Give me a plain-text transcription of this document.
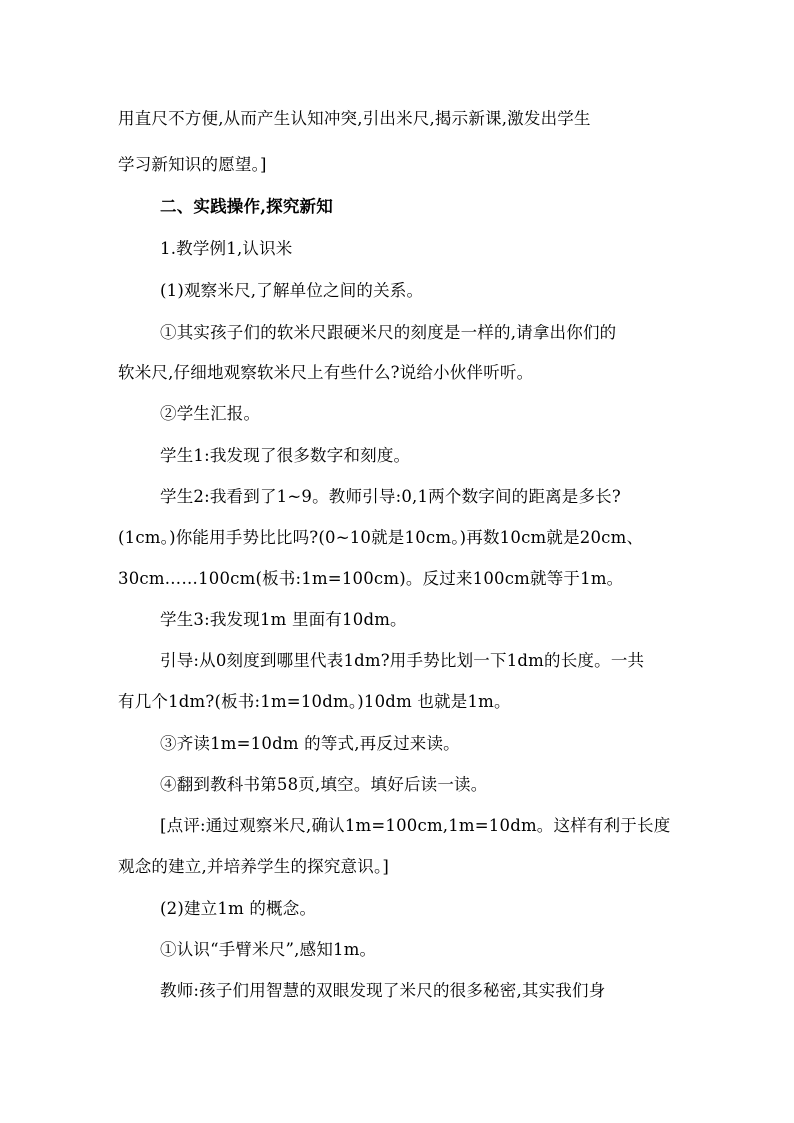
用直尺不方便,从而产生认知冲突,引出米尺,揭示新课,激发出学生
学习新知识的愿望。]
二、实践操作,探究新知
1.教学例1,认识米
(1)观察米尺,了解单位之间的关系。
①其实孩子们的软米尺跟硬米尺的刻度是一样的,请拿出你们的
软米尺,仔细地观察软米尺上有些什么?说给小伙伴听听。
②学生汇报。
学生1:我发现了很多数字和刻度。
学生2:我看到了1~9。教师引导:0,1两个数字间的距离是多长?
(1cm。)你能用手势比比吗?(0~10就是10cm。)再数10cm就是20cm、
30cm……100cm(板书:1m=100cm)。反过来100cm就等于1m。
学生3:我发现1m 里面有10dm。
引导:从0刻度到哪里代表1dm?用手势比划一下1dm的长度。一共
有几个1dm?(板书:1m=10dm。)10dm 也就是1m。
③齐读1m=10dm 的等式,再反过来读。
④翻到教科书第58页,填空。填好后读一读。
[点评:通过观察米尺,确认1m=100cm,1m=10dm。这样有利于长度
观念的建立,并培养学生的探究意识。]
(2)建立1m 的概念。
①认识“手臂米尺”,感知1m。
教师:孩子们用智慧的双眼发现了米尺的很多秘密,其实我们身
